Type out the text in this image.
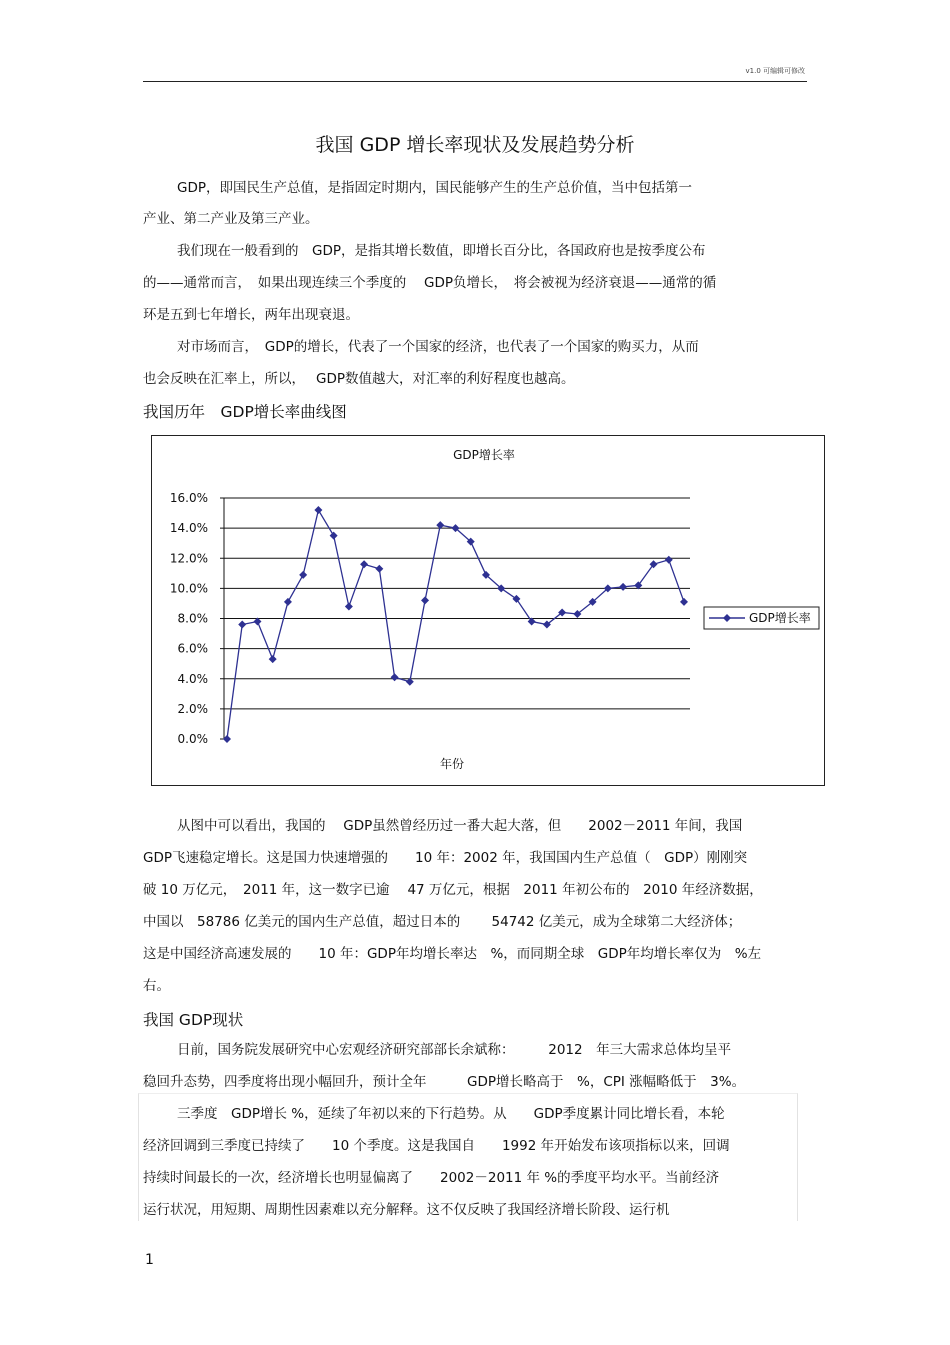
v1.0 可编辑可修改
我国 GDP 增长率现状及发展趋势分析
GDP，即国民生产总值，是指固定时期内，国民能够产生的生产总价值，当中包括第一
产业、第二产业及第三产业。
我们现在一般看到的　GDP，是指其增长数值，即增长百分比，各国政府也是按季度公布
的——通常而言，　如果出现连续三个季度的　 GDP负增长，　将会被视为经济衰退——通常的循
环是五到七年增长，两年出现衰退。
对市场而言，　GDP的增长，代表了一个国家的经济，也代表了一个国家的购买力，从而
也会反映在汇率上，所以，　 GDP数值越大，对汇率的利好程度也越高。
我国历年　GDP增长率曲线图
GDP增长率
0.0%
2.0%
4.0%
6.0%
8.0%
10.0%
12.0%
14.0%
16.0%
年份
GDP增长率
从图中可以看出，我国的　 GDP虽然曾经历过一番大起大落，但　　2002－2011 年间，我国
GDP飞速稳定增长。这是国力快速增强的　　10 年：2002 年，我国国内生产总值（　GDP）刚刚突
破 10 万亿元，　2011 年，这一数字已逾　 47 万亿元，根据　2011 年初公布的　2010 年经济数据，
中国以　58786 亿美元的国内生产总值，超过日本的　　 54742 亿美元，成为全球第二大经济体；
这是中国经济高速发展的　　10 年：GDP年均增长率达　%，而同期全球　GDP年均增长率仅为　%左
右。
我国 GDP现状
日前，国务院发展研究中心宏观经济研究部部长余斌称：　　　2012　年三大需求总体均呈平
稳回升态势，四季度将出现小幅回升，预计全年　　　GDP增长略高于　%，CPI 涨幅略低于　3%。
三季度　GDP增长 %，延续了年初以来的下行趋势。从　　GDP季度累计同比增长看，本轮
经济回调到三季度已持续了　　10 个季度。这是我国自　　1992 年开始发布该项指标以来，回调
持续时间最长的一次，经济增长也明显偏离了　　2002－2011 年 %的季度平均水平。当前经济
运行状况，用短期、周期性因素难以充分解释。这不仅反映了我国经济增长阶段、运行机
1
